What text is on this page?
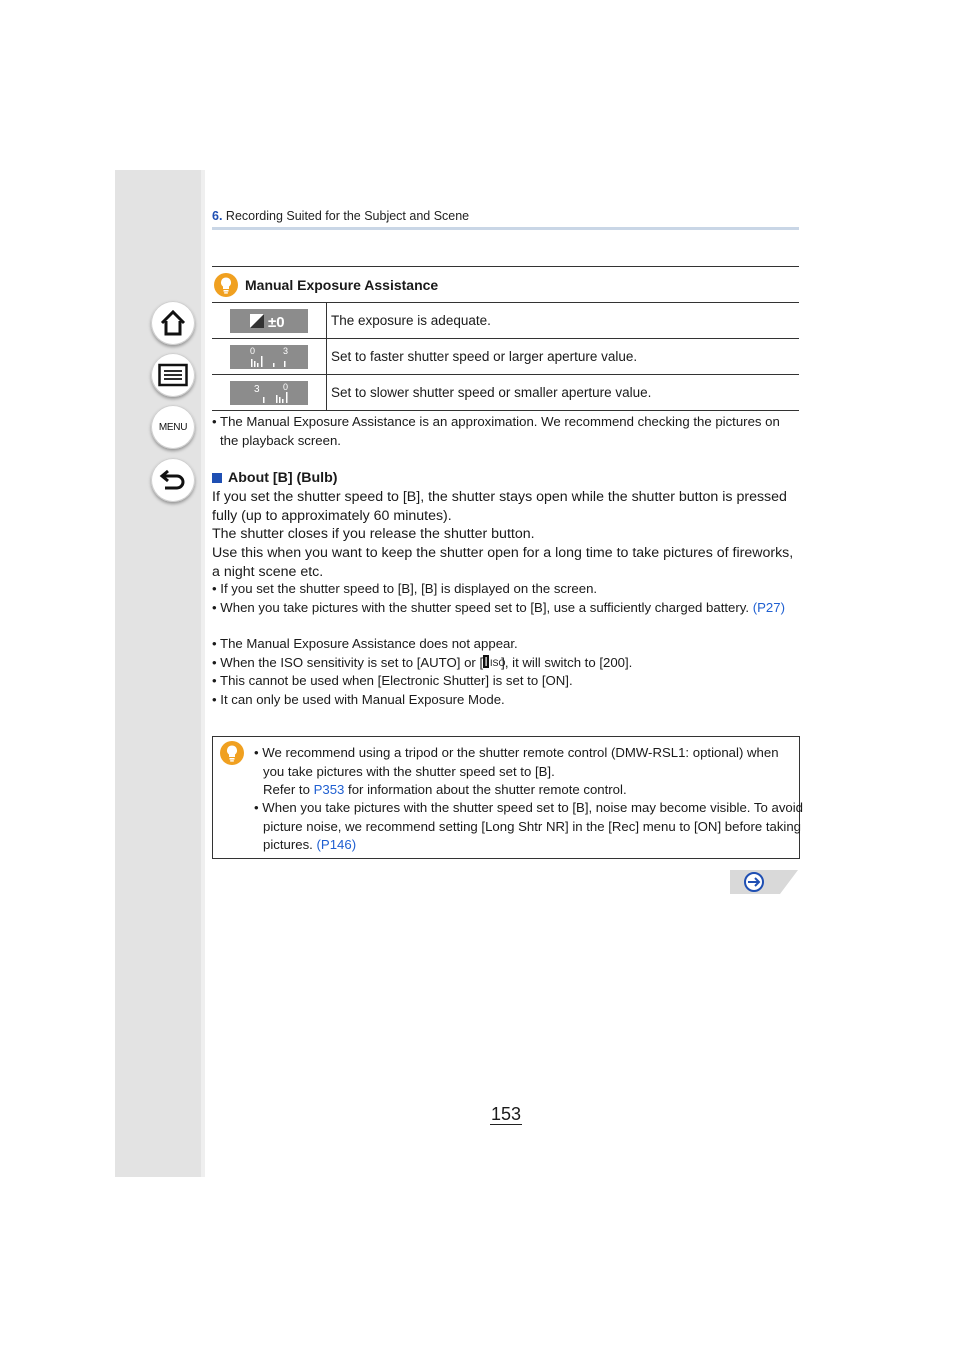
MENU
6. Recording Suited for the Subject and Scene
Manual Exposure Assistance
±0	The exposure is adequate.

0 3	Set to faster shutter speed or larger aperture value.

3 0	Set to slower shutter speed or smaller aperture value.
• The Manual Exposure Assistance is an approximation. We recommend checking the pictures on the playback screen.
About [B] (Bulb)
If you set the shutter speed to [B], the shutter stays open while the shutter button is pressed fully (up to approximately 60 minutes).
The shutter closes if you release the shutter button.
Use this when you want to keep the shutter open for a long time to take pictures of fireworks, a night scene etc.
• If you set the shutter speed to [B], [B] is displayed on the screen.
• When you take pictures with the shutter speed set to [B], use a sufficiently charged battery. (P27)
• The Manual Exposure Assistance does not appear.
• When the ISO sensitivity is set to [AUTO] or [ ISO
], it will switch to [200].
• This cannot be used when [Electronic Shutter] is set to [ON].
• It can only be used with Manual Exposure Mode.
• We recommend using a tripod or the shutter remote control (DMW-RSL1: optional) when you take pictures with the shutter speed set to [B].
Refer to P353 for information about the shutter remote control.
• When you take pictures with the shutter speed set to [B], noise may become visible. To avoid picture noise, we recommend setting [Long Shtr NR] in the [Rec] menu to [ON] before taking pictures. (P146)
153
